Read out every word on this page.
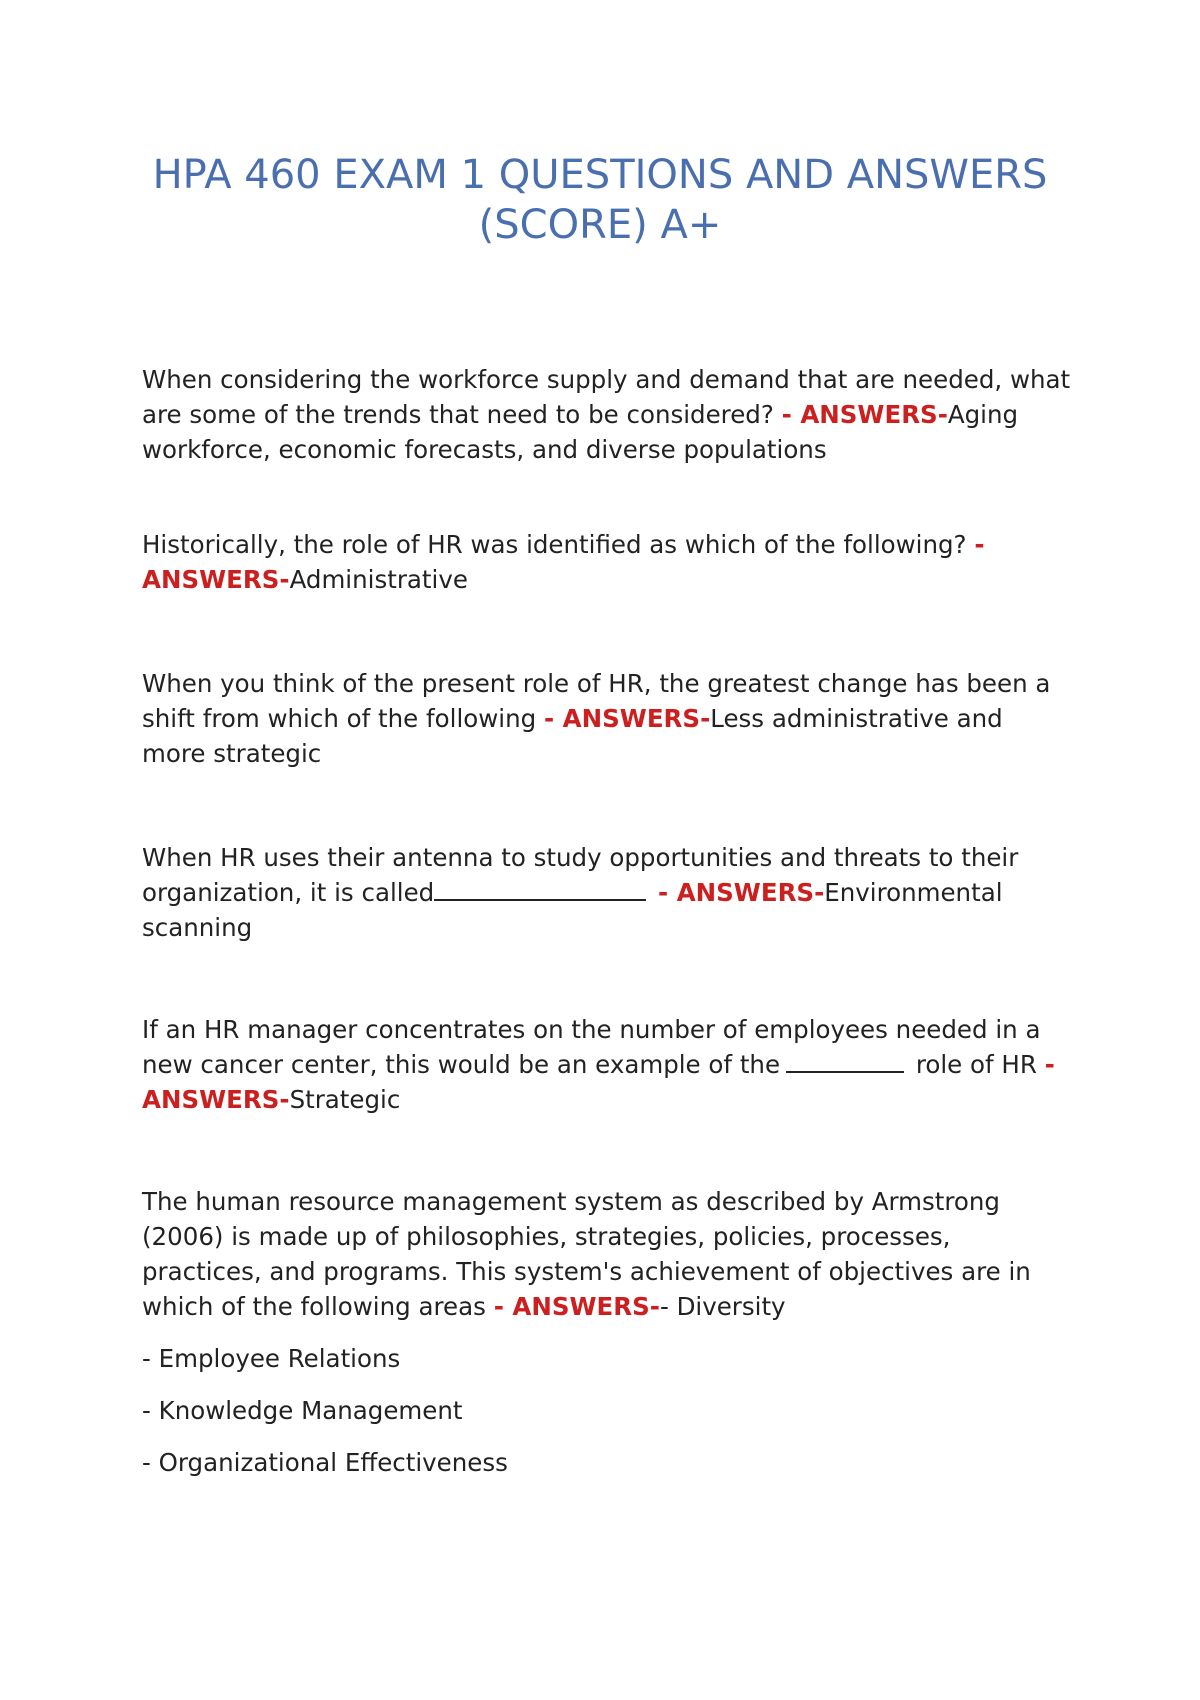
HPA 460 EXAM 1 QUESTIONS AND ANSWERS
(SCORE) A+

When considering the workforce supply and demand that are needed, what are some of the trends that need to be considered? - ANSWERS-Aging workforce, economic forecasts, and diverse populations

Historically, the role of HR was identified as which of the following? - ANSWERS-Administrative

When you think of the present role of HR, the greatest change has been a shift from which of the following - ANSWERS-Less administrative and more strategic

When HR uses their antenna to study opportunities and threats to their organization, it is called	- ANSWERS-Environmental scanning

If an HR manager concentrates on the number of employees needed in a new cancer center, this would be an example of the	role of HR - ANSWERS-Strategic

The human resource management system as described by Armstrong (2006) is made up of philosophies, strategies, policies, processes, practices, and programs. This system's achievement of objectives are in which of the following areas - ANSWERS-- Diversity

- Employee Relations

- Knowledge Management

- Organizational Effectiveness
